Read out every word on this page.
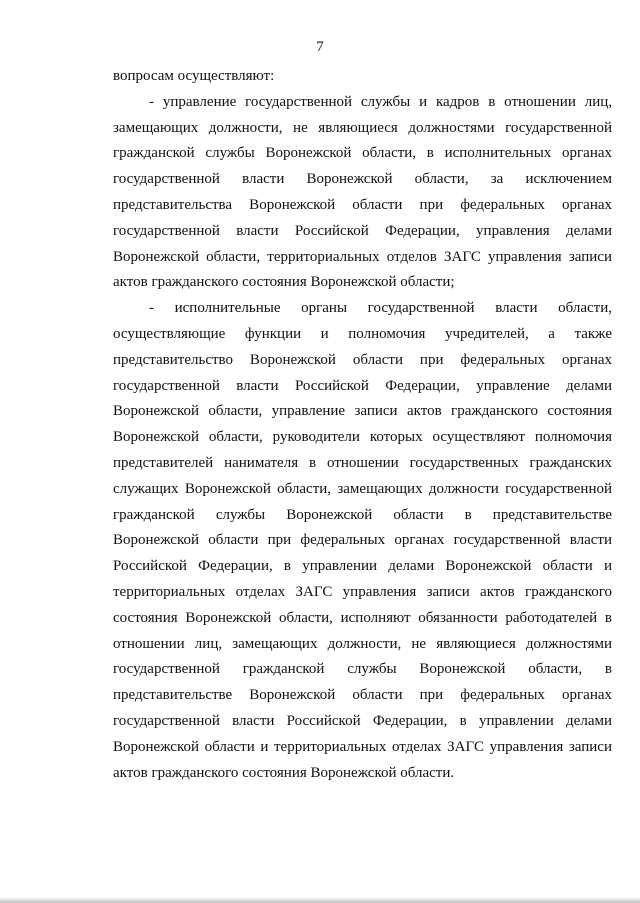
7

вопросам осуществляют:

- управление государственной службы и кадров в отношении лиц, замещающих должности, не являющиеся должностями государственной гражданской службы Воронежской области, в исполнительных органах государственной власти Воронежской области, за исключением представительства Воронежской области при федеральных органах государственной власти Российской Федерации, управления делами Воронежской области, территориальных отделов ЗАГС управления записи актов гражданского состояния Воронежской области;

- исполнительные органы государственной власти области, осуществляющие функции и полномочия учредителей, а также представительство Воронежской области при федеральных органах государственной власти Российской Федерации, управление делами Воронежской области, управление записи актов гражданского состояния Воронежской области, руководители которых осуществляют полномочия представителей нанимателя в отношении государственных гражданских служащих Воронежской области, замещающих должности государственной гражданской службы Воронежской области в представительстве Воронежской области при федеральных органах государственной власти Российской Федерации, в управлении делами Воронежской области и территориальных отделах ЗАГС управления записи актов гражданского состояния Воронежской области, исполняют обязанности работодателей в отношении лиц, замещающих должности, не являющиеся должностями государственной гражданской службы Воронежской области, в представительстве Воронежской области при федеральных органах государственной власти Российской Федерации, в управлении делами Воронежской области и территориальных отделах ЗАГС управления записи актов гражданского состояния Воронежской области.
